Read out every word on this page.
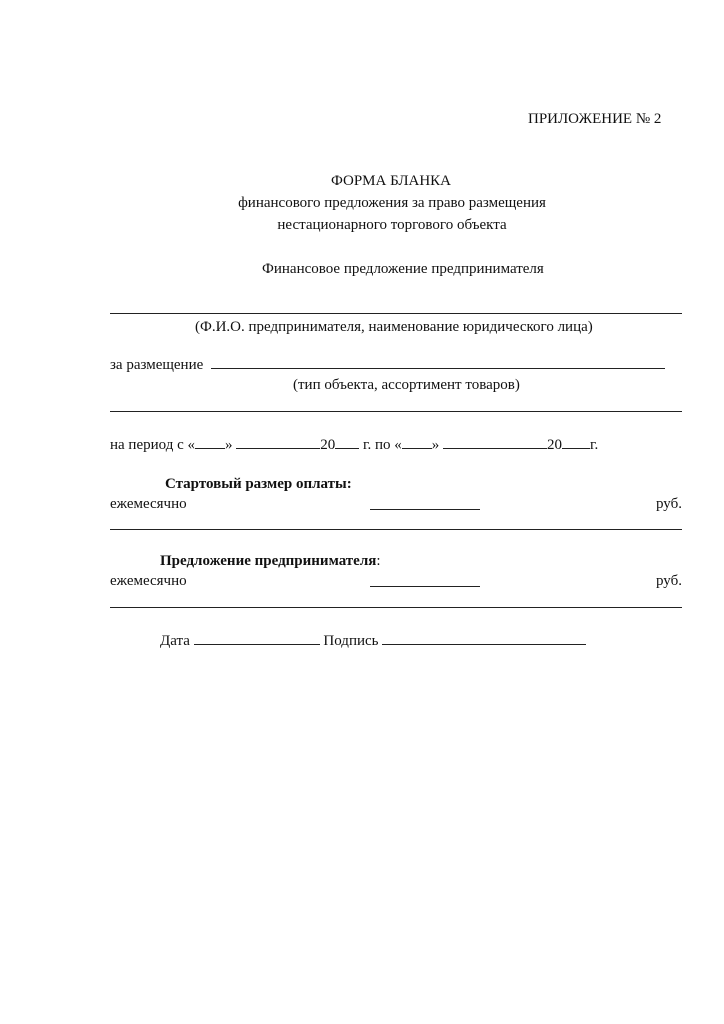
ПРИЛОЖЕНИЕ № 2
ФОРМА БЛАНКА
финансового предложения за право размещения
нестационарного торгового объекта
Финансовое предложение предпринимателя
(Ф.И.О. предпринимателя, наименование юридического лица)
за размещение
(тип объекта, ассортимент товаров)
на период с « »	20 г. по « »	20 г.
Стартовый размер оплаты:
ежемесячно	руб.
Предложение предпринимателя:
ежемесячно	руб.
Дата	Подпись
